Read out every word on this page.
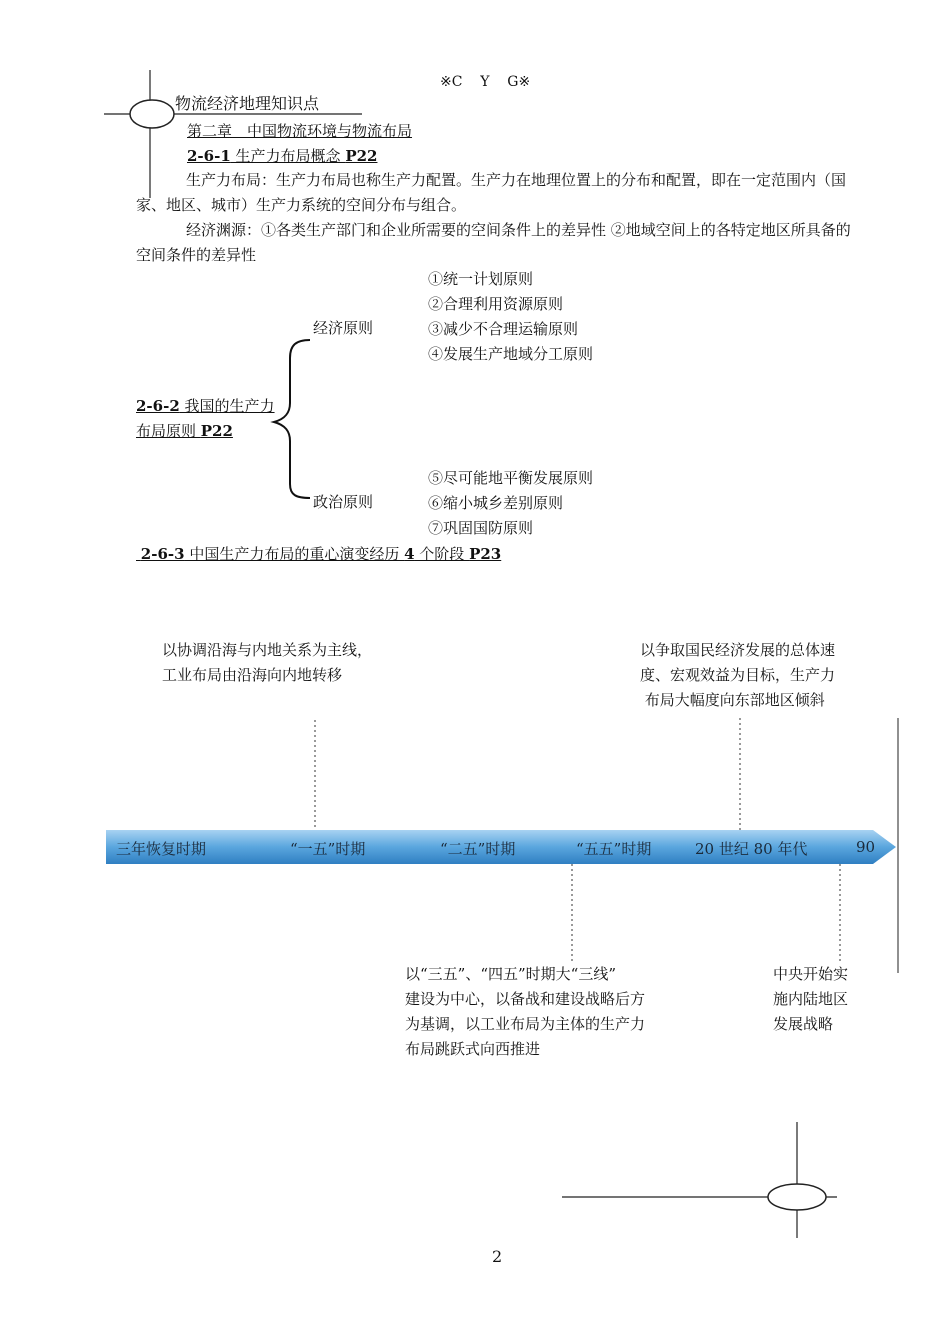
※C    Y    G※
物流经济地理知识点
第二章　中国物流环境与物流布局
2-6-1 生产力布局概念 P22
生产力布局：生产力布局也称生产力配置。生产力在地理位置上的分布和配置，即在一定范围内（国家、地区、城市）生产力系统的空间分布与组合。
经济渊源：①各类生产部门和企业所需要的空间条件上的差异性 ②地域空间上的各特定地区所具备的空间条件的差异性
经济原则
①统一计划原则
②合理利用资源原则
③减少不合理运输原则
④发展生产地域分工原则
2-6-2 我国的生产力
布局原则 P22
政治原则
⑤尽可能地平衡发展原则
⑥缩小城乡差别原则
⑦巩固国防原则
2-6-3 中国生产力布局的重心演变经历 4 个阶段 P23
以协调沿海与内地关系为主线，
工业布局由沿海向内地转移
以争取国民经济发展的总体速
度、宏观效益为目标，生产力
布局大幅度向东部地区倾斜
三年恢复时期	“一五”时期	“二五”时期	“五五”时期	20 世纪 80 年代	90
以“三五”、“四五”时期大“三线”
建设为中心，以备战和建设战略后方
为基调，以工业布局为主体的生产力
布局跳跃式向西推进
中央开始实
施内陆地区
发展战略
2
